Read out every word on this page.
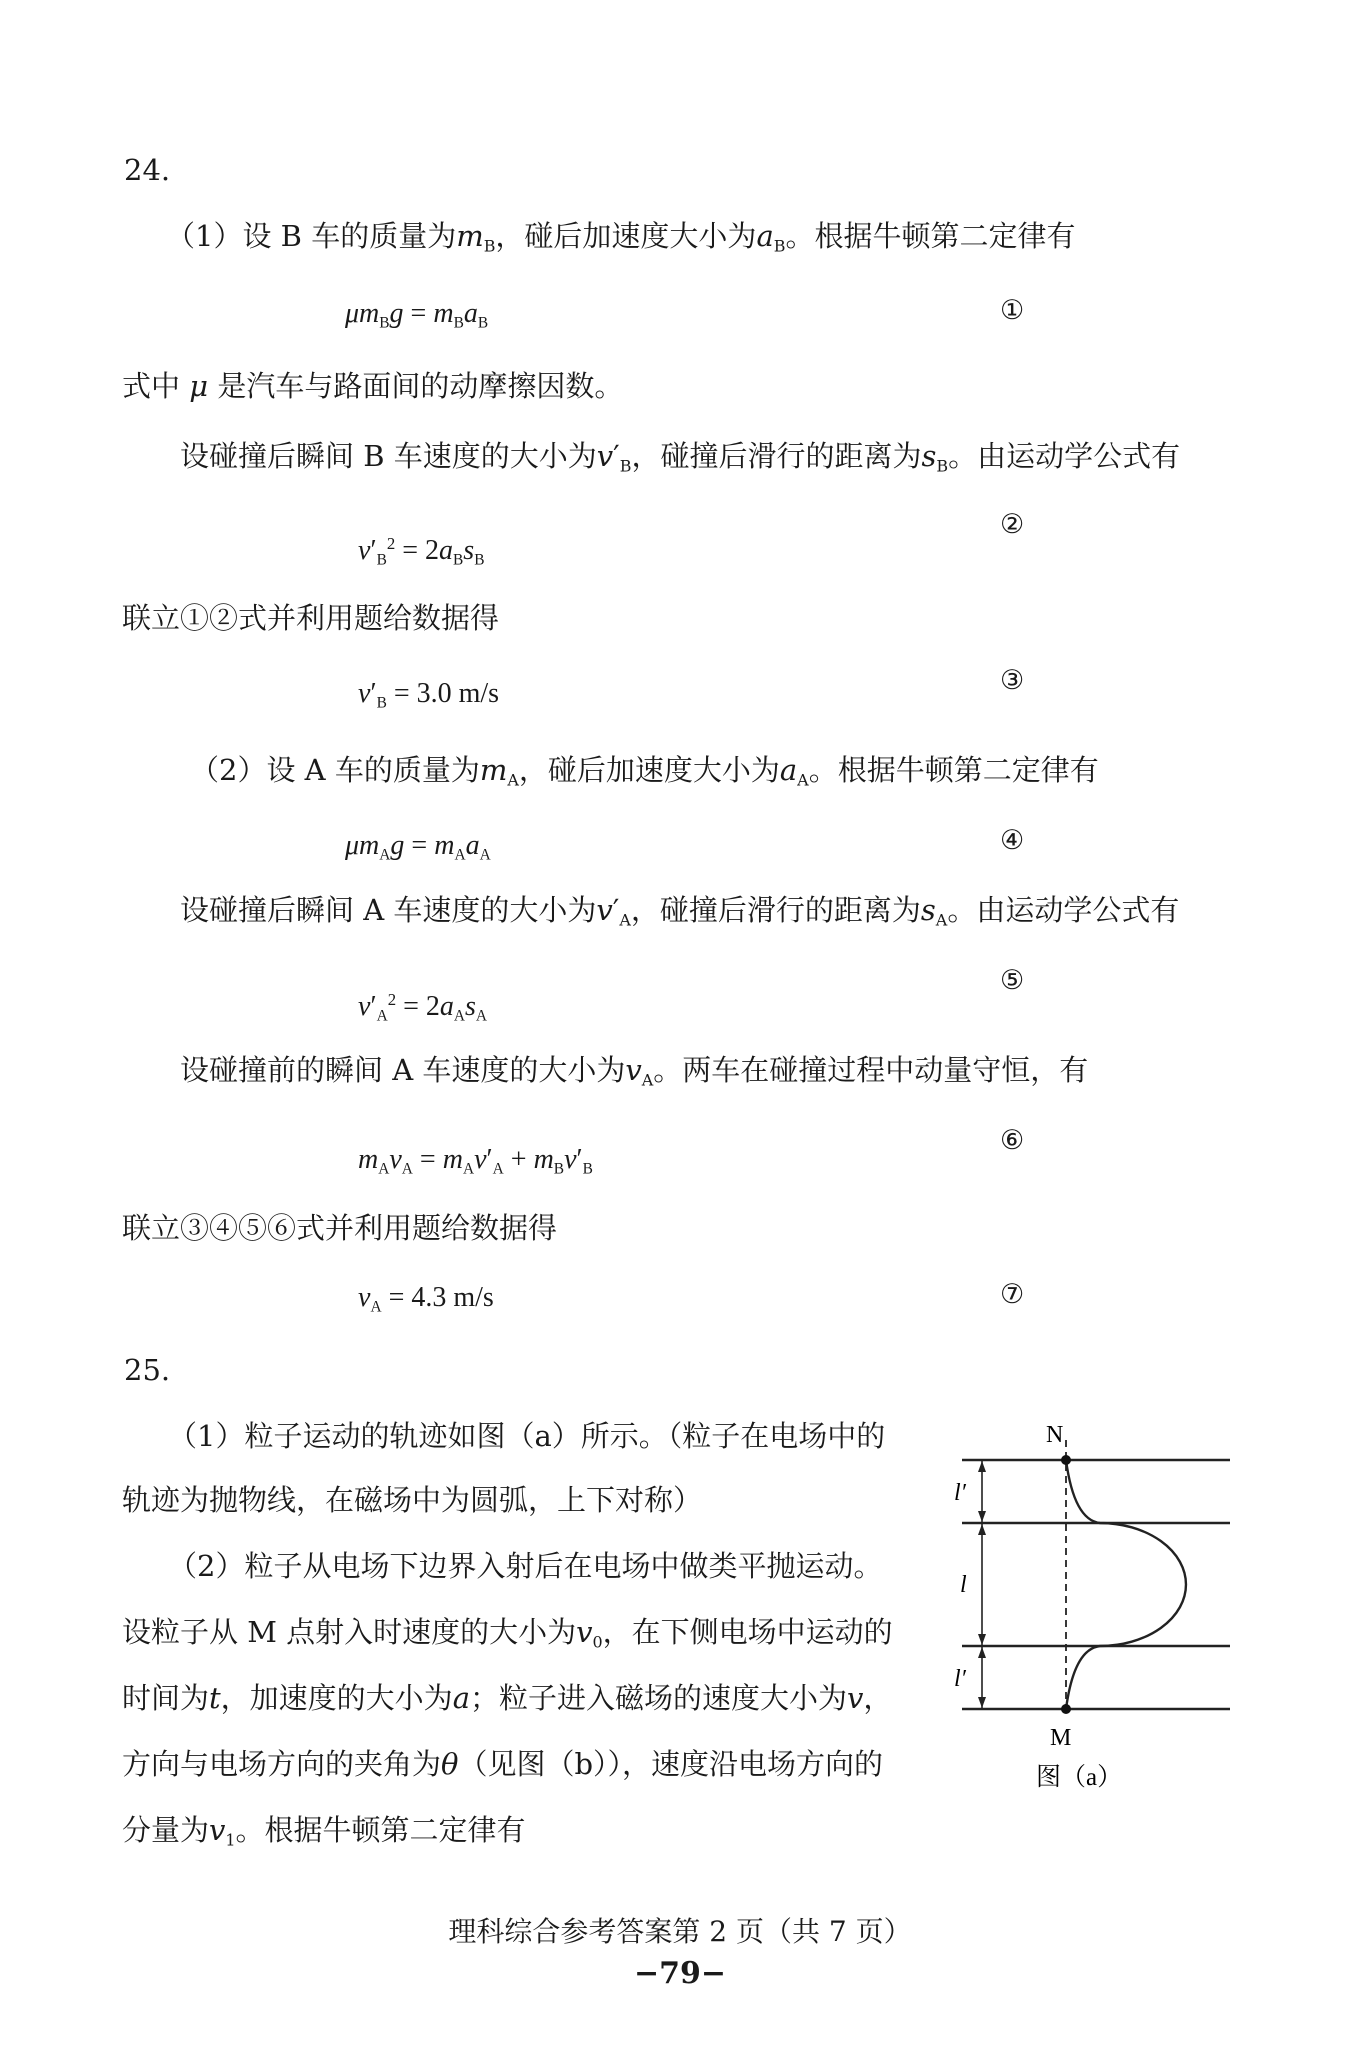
24.
（1）设 B 车的质量为$m_B$，碰后加速度大小为$a_B$。根据牛顿第二定律有
$\mu m_Bg = m_Ba_B$	①
式中 μ 是汽车与路面间的动摩擦因数。
设碰撞后瞬间 B 车速度的大小为$v'_B$，碰撞后滑行的距离为$s_B$。由运动学公式有
②
$v'_B^2 = 2a_Bs_B$
联立①②式并利用题给数据得
③
$v'_B = 3.0$ m/s
（2）设 A 车的质量为$m_A$，碰后加速度大小为$a_A$。根据牛顿第二定律有
$\mu m_Ag = m_Aa_A$	④
设碰撞后瞬间 A 车速度的大小为$v'_A$，碰撞后滑行的距离为$s_A$。由运动学公式有
⑤
$v'_A^2 = 2a_As_A$
设碰撞前的瞬间 A 车速度的大小为$v_A$。两车在碰撞过程中动量守恒，有
⑥
$m_Av_A = m_Av'_A + m_Bv'_B$
联立③④⑤⑥式并利用题给数据得
$v_A = 4.3$ m/s	⑦
25.
（1）粒子运动的轨迹如图（a）所示。（粒子在电场中的
轨迹为抛物线，在磁场中为圆弧，上下对称）
（2）粒子从电场下边界入射后在电场中做类平抛运动。
设粒子从 M 点射入时速度的大小为$v_0$，在下侧电场中运动的
时间为t，加速度的大小为a；粒子进入磁场的速度大小为v，
方向与电场方向的夹角为θ（见图（b）），速度沿电场方向的
分量为$v_1$。根据牛顿第二定律有
N
M
l′
l
l′
图（a）
理科综合参考答案第 2 页（共 7 页）
−79−
